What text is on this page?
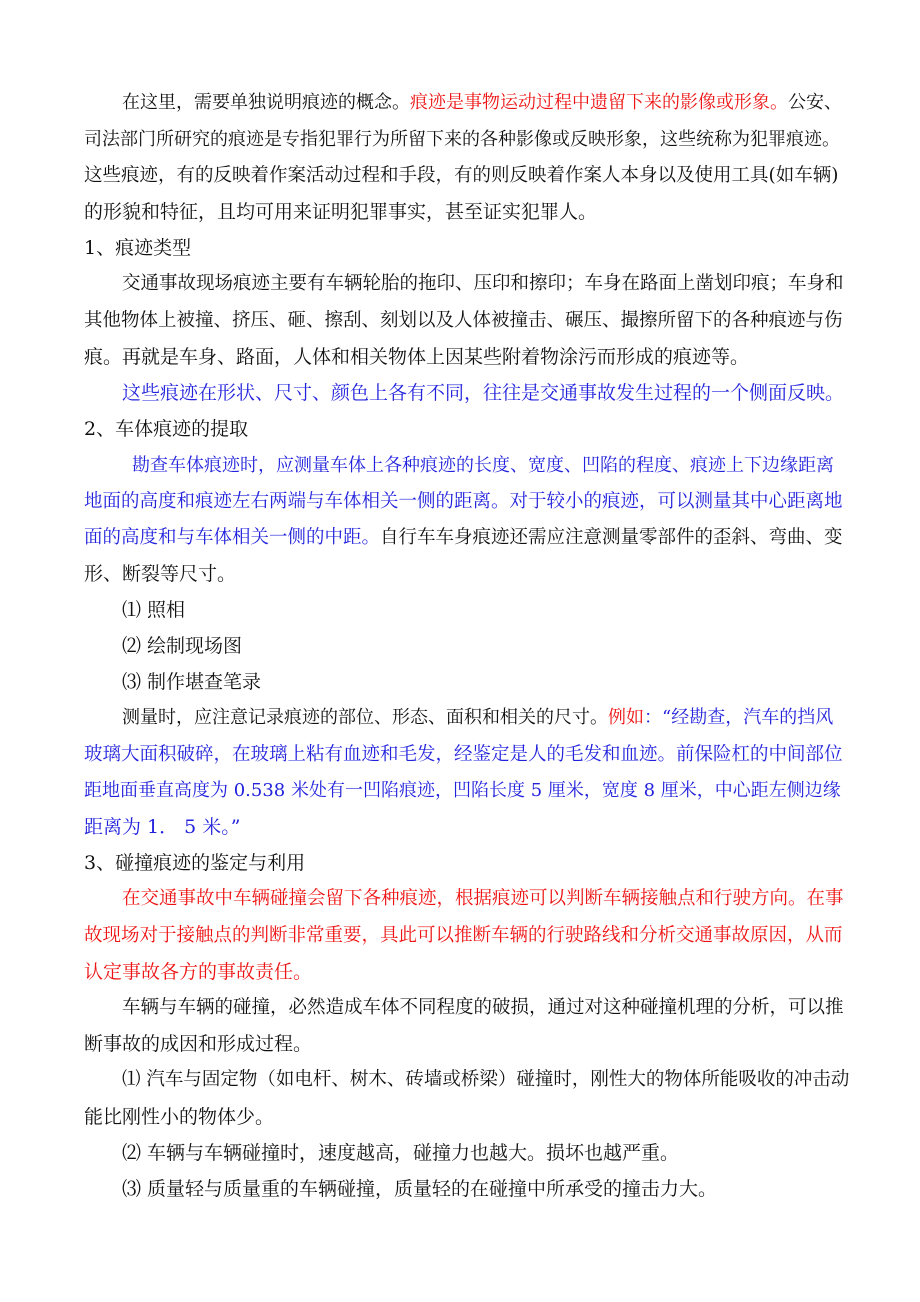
在这里，需要单独说明痕迹的概念。痕迹是事物运动过程中遗留下来的影像或形象。公安、
司法部门所研究的痕迹是专指犯罪行为所留下来的各种影像或反映形象，这些统称为犯罪痕迹。
这些痕迹，有的反映着作案活动过程和手段，有的则反映着作案人本身以及使用工具(如车辆)
的形貌和特征，且均可用来证明犯罪事实，甚至证实犯罪人。
1、痕迹类型
交通事故现场痕迹主要有车辆轮胎的拖印、压印和擦印；车身在路面上凿划印痕；车身和
其他物体上被撞、挤压、砸、擦刮、刻划以及人体被撞击、碾压、撮擦所留下的各种痕迹与伤
痕。再就是车身、路面，人体和相关物体上因某些附着物涂污而形成的痕迹等。
这些痕迹在形状、尺寸、颜色上各有不同，往往是交通事故发生过程的一个侧面反映。
2、车体痕迹的提取
勘查车体痕迹时，应测量车体上各种痕迹的长度、宽度、凹陷的程度、痕迹上下边缘距离
地面的高度和痕迹左右两端与车体相关一侧的距离。对于较小的痕迹，可以测量其中心距离地
面的高度和与车体相关一侧的中距。自行车车身痕迹还需应注意测量零部件的歪斜、弯曲、变
形、断裂等尺寸。
⑴ 照相
⑵ 绘制现场图
⑶ 制作堪查笔录
测量时，应注意记录痕迹的部位、形态、面积和相关的尺寸。例如：“经勘查，汽车的挡风
玻璃大面积破碎，在玻璃上粘有血迹和毛发，经鉴定是人的毛发和血迹。前保险杠的中间部位
距地面垂直高度为 0.538 米处有一凹陷痕迹，凹陷长度 5 厘米，宽度 8 厘米，中心距左侧边缘
距离为 1． 5 米。”
3、碰撞痕迹的鉴定与利用
在交通事故中车辆碰撞会留下各种痕迹，根据痕迹可以判断车辆接触点和行驶方向。在事
故现场对于接触点的判断非常重要，具此可以推断车辆的行驶路线和分析交通事故原因，从而
认定事故各方的事故责任。
车辆与车辆的碰撞，必然造成车体不同程度的破损，通过对这种碰撞机理的分析，可以推
断事故的成因和形成过程。
⑴ 汽车与固定物（如电杆、树木、砖墙或桥梁）碰撞时，刚性大的物体所能吸收的冲击动
能比刚性小的物体少。
⑵ 车辆与车辆碰撞时，速度越高，碰撞力也越大。损坏也越严重。
⑶ 质量轻与质量重的车辆碰撞，质量轻的在碰撞中所承受的撞击力大。
